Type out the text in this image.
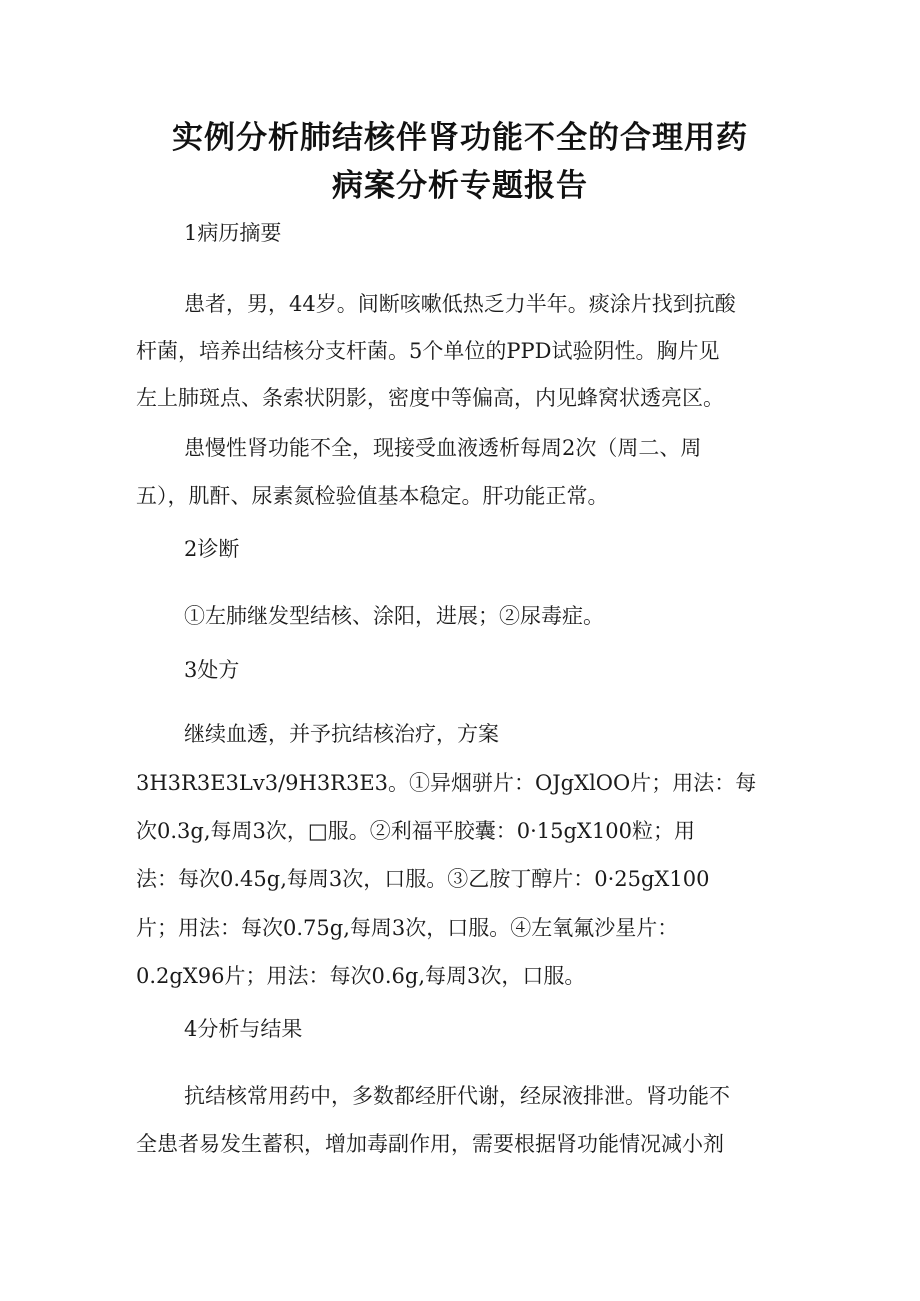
实例分析肺结核伴肾功能不全的合理用药
病案分析专题报告
1病历摘要
患者，男，44岁。间断咳嗽低热乏力半年。痰涂片找到抗酸
杆菌，培养出结核分支杆菌。5个单位的PPD试验阴性。胸片见
左上肺斑点、条索状阴影，密度中等偏高，内见蜂窝状透亮区。
患慢性肾功能不全，现接受血液透析每周2次（周二、周
五），肌酐、尿素氮检验值基本稳定。肝功能正常。
2诊断
①左肺继发型结核、涂阳，进展；②尿毒症。
3处方
继续血透，并予抗结核治疗，方案
3H3R3E3Lv3/9H3R3E3。①异烟骈片：OJgXlOO片；用法：每
次0.3g,每周3次，□服。②利福平胶囊：0·15gX100粒；用
法：每次0.45g,每周3次，口服。③乙胺丁醇片：0·25gX100
片；用法：每次0.75g,每周3次，口服。④左氧氟沙星片：
0.2gX96片；用法：每次0.6g,每周3次，口服。
4分析与结果
抗结核常用药中，多数都经肝代谢，经尿液排泄。肾功能不
全患者易发生蓄积，增加毒副作用，需要根据肾功能情况减小剂
